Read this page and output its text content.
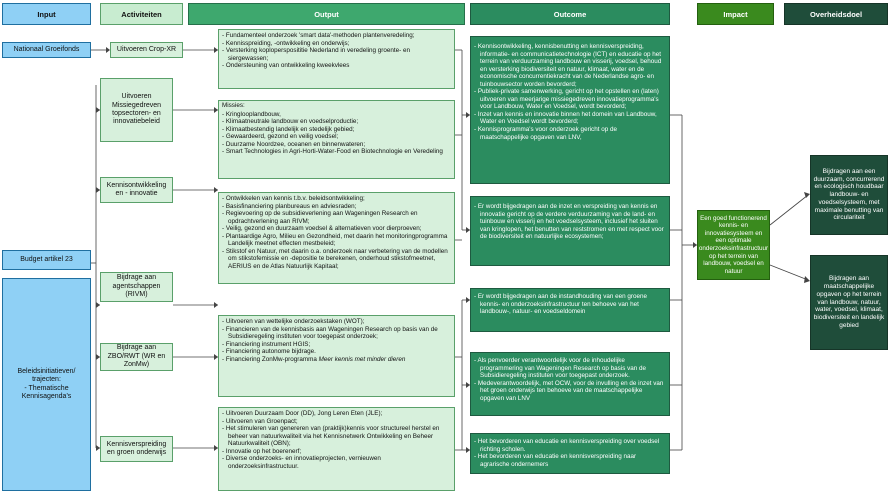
Input	Activiteiten	Output	Outcome	Impact	Overheidsdoel
Nationaal Groeifonds
Budget artikel 23
Beleidsinitiatieven/ trajecten:
- Thematische Kennisagenda's
Uitvoeren Crop-XR
Uitvoeren Missiegedreven topsectoren- en innovatiebeleid
Kennisontwikkeling en - innovatie
Bijdrage aan agentschappen (RIVM)
Bijdrage aan ZBO/RWT (WR en ZonMw)
Kennisverspreiding en groen onderwijs
- Fundamenteel onderzoek 'smart data'-methoden plantenveredeling;
- Kennisspreiding, -ontwikkeling en onderwijs;
- Versterking koplopersposititie Nederland in veredeling groente- en siergewassen;
- Ondersteuning van ontwikkeling kweekvlees
Missies:
- Kringlooplandbouw,
- Klimaatneutrale landbouw en voedselproductie;
- Klimaatbestendig landelijk en stedelijk gebied;
- Gewaardeerd, gezond en veilig voedsel;
- Duurzame Noordzee, oceanen en binnenwateren;
- Smart Technologies in Agri-Horti-Water-Food en Biotechnologie en Veredeling
- Ontwikkelen van kennis t.b.v. beleidsontwikkeling;
- Basisfinanciering planbureaus en adviesraden;
- Regievoering op de subsidieverlening aan Wageningen Research en opdrachtverlening aan RIVM;
- Veilig, gezond en duurzaam voedsel & alternatieven voor dierproeven;
- Plantaardige Agro, Milieu en Gezondheid, met daarin het monitoringprogramma Landelijk meetnet effecten mestbeleid;
- Stikstof en Natuur, met daarin o.a. onderzoek naar verbetering van de modellen om stikstofemissie en -depositie te berekenen, onderhoud stikstofmeetnet, AERIUS en de Atlas Natuurlijk Kapitaal;
- Uitvoeren van wettelijke onderzoekstaken (WOT);
- Financieren van de kennisbasis aan Wageningen Research op basis van de Subsidieregeling instituten voor toegepast onderzoek;
- Financiering instrument HGIS;
- Financiering autonome bijdrage.
- Financiering ZonMw-programma Meer kennis met minder dieren
- Uitvoeren Duurzaam Door (DD), Jong Leren Eten (JLE);
- Uitvoeren van Groenpact;
- Het stimuleren van genereren van (praktijk)kennis voor structureel herstel en beheer van natuurkwaliteit via het Kennisnetwerk Ontwikkeling en Beheer Natuurkwaliteit (OBN);
- Innovatie op het boerenerf;
- Diverse onderzoeks- en innovatieprojecten, vernieuwen onderzoeksinfrastructuur.
- Kennisontwikkeling, kennisbenutting en kennisverspreiding, informatie- en communicatietechnologie (ICT) en educatie op het terrein van verduurzaming landbouw en visserij, voedsel, behoud en versterking biodiversiteit en natuur, klimaat, water en de economische concurrentiekracht van de Nederlandse agro- en tuinbouwsector worden bevorderd;
- Publiek-private samenwerking, gericht op het opstellen en (laten) uitvoeren van meerjarige missiegedreven innovatieprogramma's voor Landbouw, Water en Voedsel, wordt bevorderd;
- Inzet van kennis en innovatie binnen het domein van Landbouw, Water en Voedsel wordt bevorderd;
- Kennisprogramma's voor onderzoek gericht op de maatschappelijke opgaven van LNV,
- Er wordt bijgedragen aan de inzet en verspreiding van kennis en innovatie gericht op de verdere verduurzaming van de land- en tuinbouw en visserij en het voedselsysteem, inclusief het sluiten van kringlopen, het benutten van reststromen en met respect voor de biodiversiteit en natuurlijke ecosystemen;
- Er wordt bijgedragen aan de instandhouding van een groene kennis- en onderzoeksinfrastructuur ten behoeve van het landbouw-, natuur- en voedseldomein
- Als penvoerder verantwoordelijk voor de inhoudelijke programmering van Wageningen Research op basis van de Subsidieregeling instituten voor toegepast onderzoek.
- Medeverantwoordelijk, met OCW, voor de invulling en de inzet van het groen onderwijs ten behoeve van de maatschappelijke opgaven van LNV
- Het bevorderen van educatie en kennisverspreiding over voedsel richting scholen.
- Het bevorderen van educatie en kennisverspreiding naar agrarische ondernemers
Een goed functionerend kennis- en innovatiesysteem en een optimale onderzoeksinfrastructuur op het terrein van landbouw, voedsel en natuur
Bijdragen aan een duurzaam, concurrerend en ecologisch houdbaar landbouw- en voedselsysteem, met maximale benutting van circulariteit
Bijdragen aan maatschappelijke opgaven op het terrein van landbouw, natuur, water, voedsel, klimaat, biodiversiteit en landelijk gebied
